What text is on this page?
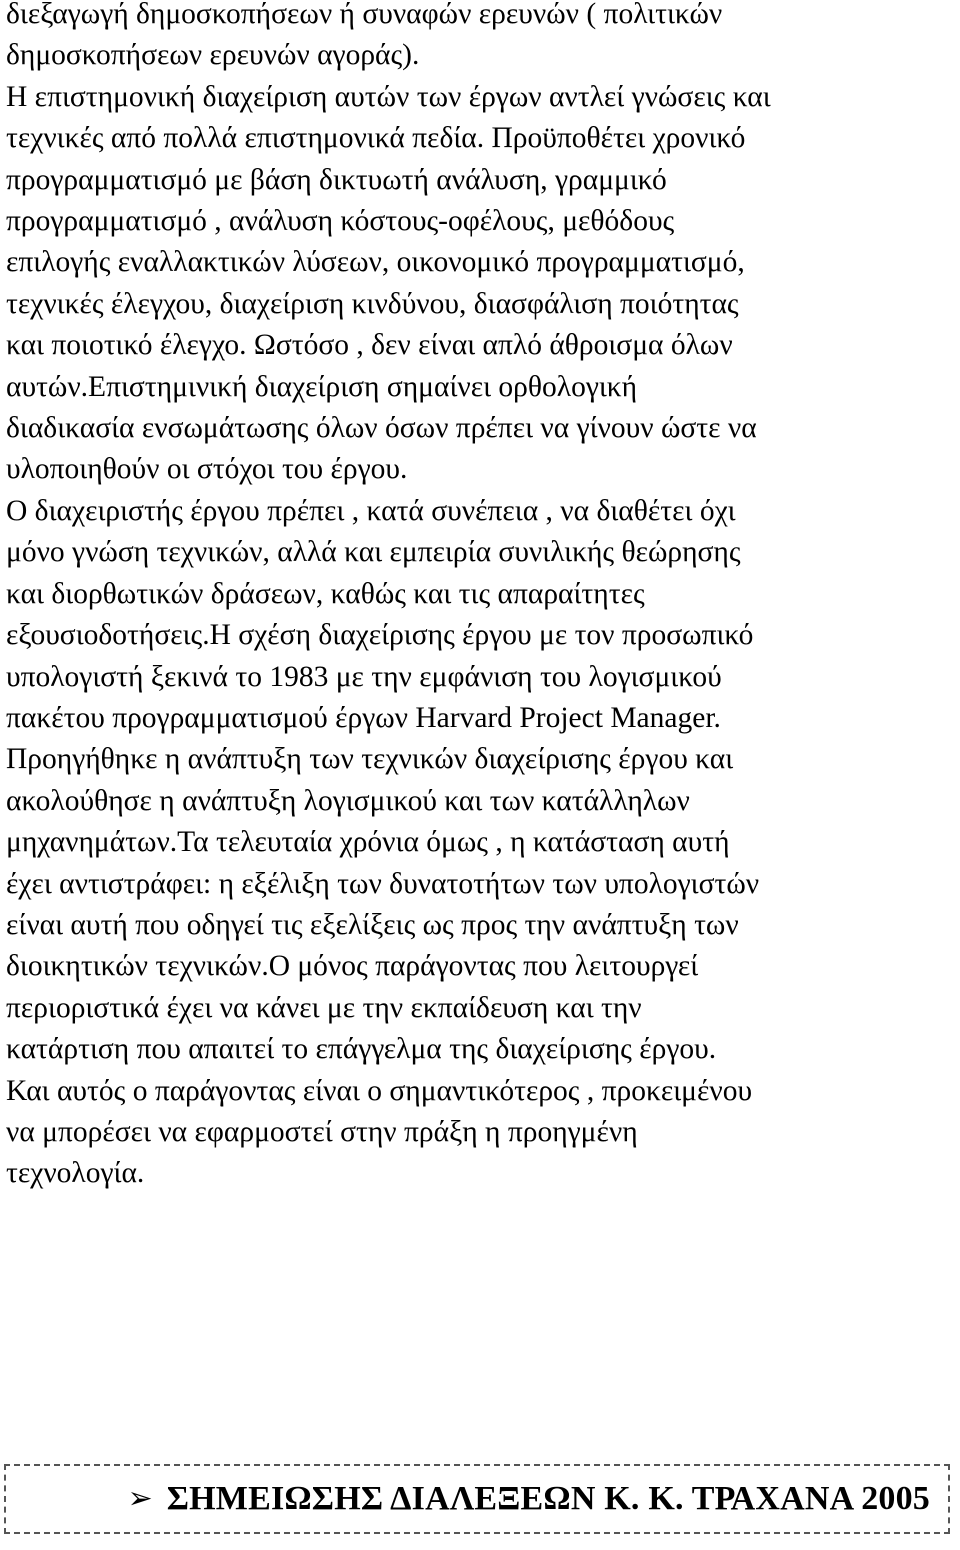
διεξαγωγή δημοσκοπήσεων ή συναφών ερευνών ( πολιτικών
δημοσκοπήσεων ερευνών αγοράς).
Η επιστημονική διαχείριση αυτών των έργων αντλεί γνώσεις και
τεχνικές από πολλά επιστημονικά πεδία. Προϋποθέτει χρονικό
προγραμματισμό με βάση δικτυωτή ανάλυση, γραμμικό
προγραμματισμό , ανάλυση κόστους-οφέλους, μεθόδους
επιλογής εναλλακτικών λύσεων, οικονομικό προγραμματισμό,
τεχνικές έλεγχου, διαχείριση κινδύνου, διασφάλιση ποιότητας
και ποιοτικό έλεγχο. Ωστόσο , δεν είναι απλό άθροισμα όλων
αυτών.Επιστημινική διαχείριση σημαίνει ορθολογική
διαδικασία ενσωμάτωσης όλων όσων πρέπει να γίνουν ώστε να
υλοποιηθούν οι στόχοι του έργου.
Ο διαχειριστής έργου πρέπει , κατά συνέπεια , να διαθέτει όχι
μόνο γνώση τεχνικών, αλλά και εμπειρία συνιλικής θεώρησης
και διορθωτικών δράσεων, καθώς και τις απαραίτητες
εξουσιοδοτήσεις.Η σχέση διαχείρισης έργου με τον προσωπικό
υπολογιστή ξεκινά το 1983 με την εμφάνιση του λογισμικού
πακέτου προγραμματισμού έργων Harvard Project Manager.
Προηγήθηκε η ανάπτυξη των τεχνικών διαχείρισης έργου και
ακολούθησε η ανάπτυξη λογισμικού και των κατάλληλων
μηχανημάτων.Τα τελευταία χρόνια όμως , η κατάσταση αυτή
έχει αντιστράφει: η εξέλιξη των δυνατοτήτων των υπολογιστών
είναι αυτή που οδηγεί τις εξελίξεις ως προς την ανάπτυξη των
διοικητικών τεχνικών.Ο μόνος παράγοντας που λειτουργεί
περιοριστικά έχει να κάνει με την εκπαίδευση και την
κατάρτιση που απαιτεί το επάγγελμα της διαχείρισης έργου.
Και αυτός ο παράγοντας είναι ο σημαντικότερος , προκειμένου
να μπορέσει να εφαρμοστεί στην πράξη η προηγμένη
τεχνολογία.
➢ ΣΗΜΕΙΩΣΗΣ ΔΙΑΛΕΞΕΩΝ Κ. Κ. ΤΡΑΧΑΝΑ 2005
